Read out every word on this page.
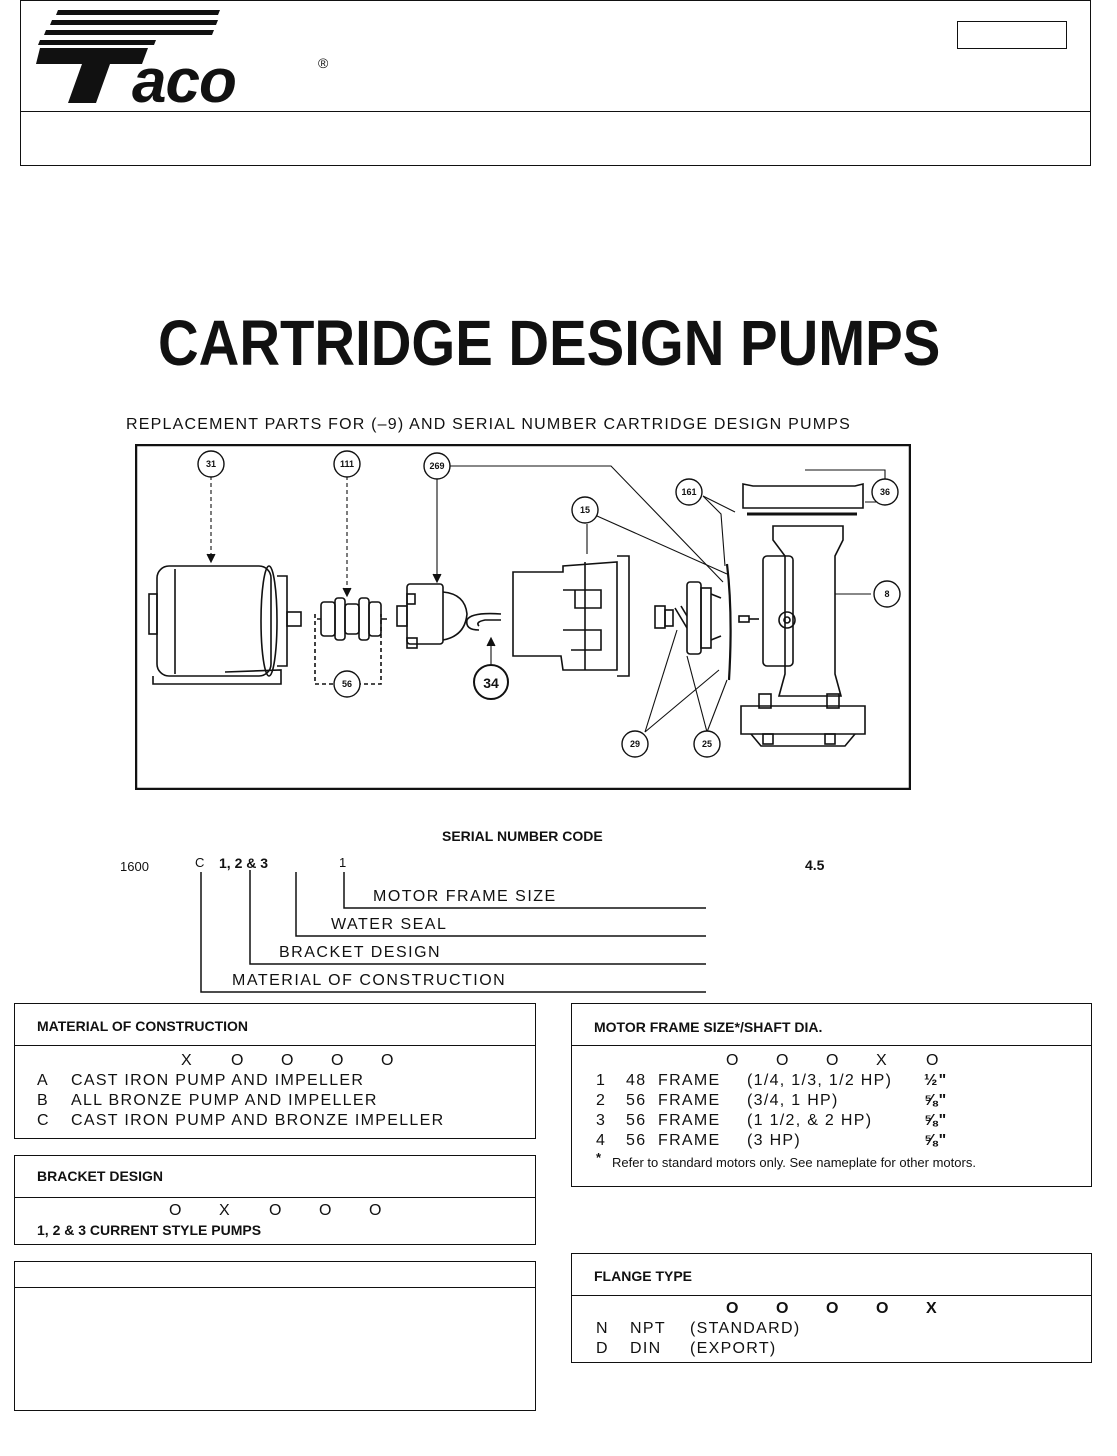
aco	®
CARTRIDGE DESIGN PUMPS
REPLACEMENT PARTS FOR (–9) AND SERIAL NUMBER CARTRIDGE DESIGN PUMPS
31	111	269
15
161	36
8
34
56
29	25
SERIAL NUMBER CODE
1600	C 1, 2 & 3	1	4.5
MOTOR FRAME SIZE
WATER SEAL
BRACKET DESIGN
MATERIAL OF CONSTRUCTION
MATERIAL OF CONSTRUCTION
X O O O O
A CAST IRON PUMP AND IMPELLER
B ALL BRONZE PUMP AND IMPELLER
C CAST IRON PUMP AND BRONZE IMPELLER
BRACKET DESIGN
O X O O O
1, 2 & 3 CURRENT STYLE PUMPS
MOTOR FRAME SIZE*/SHAFT DIA.
O O O X O
1 48 FRAME (1/4, 1/3, 1/2 HP) ½"
2 56 FRAME (3/4, 1 HP)	⅝"
3 56 FRAME (1 1/2, & 2 HP)	⅝"
4 56 FRAME (3 HP)	⅝"
* Refer to standard motors only. See nameplate for other motors.
FLANGE TYPE
O O O O X
N NPT (STANDARD)
D DIN (EXPORT)
